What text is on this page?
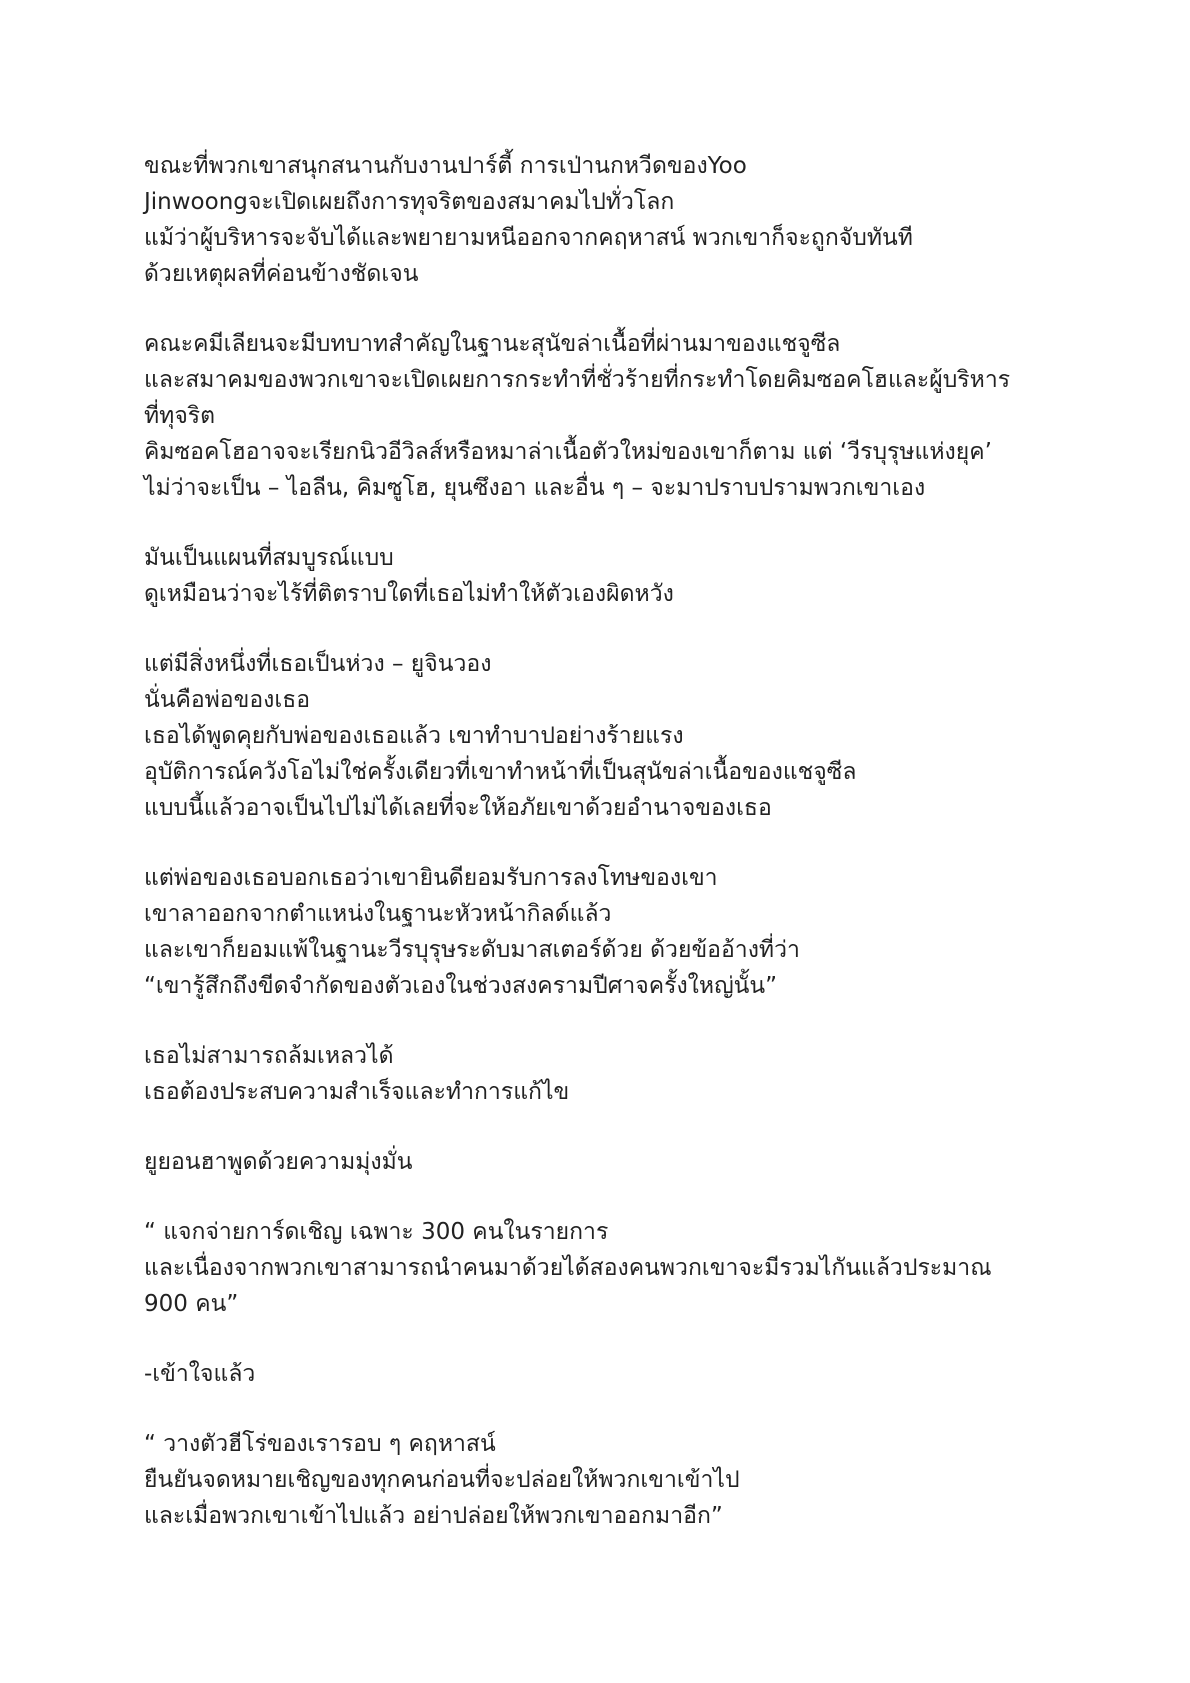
ขณะที่พวกเขาสนุกสนานกับงานปาร์ตี้ การเป่านกหวีดของYoo
Jinwoongจะเปิดเผยถึงการทุจริตของสมาคมไปทั่วโลก
แม้ว่าผู้บริหารจะจับได้และพยายามหนีออกจากคฤหาสน์ พวกเขาก็จะถูกจับทันที
ด้วยเหตุผลที่ค่อนข้างชัดเจน
คณะคมีเลียนจะมีบทบาทสำคัญในฐานะสุนัขล่าเนื้อที่ผ่านมาของแชจูซีล
และสมาคมของพวกเขาจะเปิดเผยการกระทำที่ชั่วร้ายที่กระทำโดยคิมซอคโฮและผู้บริหาร
ที่ทุจริต
คิมซอคโฮอาจจะเรียกนิวอีวิลส์หรือหมาล่าเนื้อตัวใหม่ของเขาก็ตาม แต่ ‘วีรบุรุษแห่งยุค’
ไม่ว่าจะเป็น – ไอลีน, คิมซูโฮ, ยุนซึงอา และอื่น ๆ – จะมาปราบปรามพวกเขาเอง
มันเป็นแผนที่สมบูรณ์แบบ
ดูเหมือนว่าจะไร้ที่ติตราบใดที่เธอไม่ทำให้ตัวเองผิดหวัง
แต่มีสิ่งหนึ่งที่เธอเป็นห่วง – ยูจินวอง
นั่นคือพ่อของเธอ
เธอได้พูดคุยกับพ่อของเธอแล้ว เขาทำบาปอย่างร้ายแรง
อุบัติการณ์ควังโอไม่ใช่ครั้งเดียวที่เขาทำหน้าที่เป็นสุนัขล่าเนื้อของแชจูซีล
แบบนี้แล้วอาจเป็นไปไม่ได้เลยที่จะให้อภัยเขาด้วยอำนาจของเธอ
แต่พ่อของเธอบอกเธอว่าเขายินดียอมรับการลงโทษของเขา
เขาลาออกจากตำแหน่งในฐานะหัวหน้ากิลด์แล้ว
และเขาก็ยอมแพ้ในฐานะวีรบุรุษระดับมาสเตอร์ด้วย ด้วยข้ออ้างที่ว่า
“เขารู้สึกถึงขีดจำกัดของตัวเองในช่วงสงครามปีศาจครั้งใหญ่นั้น”
เธอไม่สามารถล้มเหลวได้
เธอต้องประสบความสำเร็จและทำการแก้ไข
ยูยอนฮาพูดด้วยความมุ่งมั่น
“ แจกจ่ายการ์ดเชิญ เฉพาะ 300 คนในรายการ
และเนื่องจากพวกเขาสามารถนำคนมาด้วยได้สองคนพวกเขาจะมีรวมไกันแล้วประมาณ
900 คน”
-เข้าใจแล้ว
“ วางตัวฮีโร่ของเรารอบ ๆ คฤหาสน์
ยืนยันจดหมายเชิญของทุกคนก่อนที่จะปล่อยให้พวกเขาเข้าไป
และเมื่อพวกเขาเข้าไปแล้ว อย่าปล่อยให้พวกเขาออกมาอีก”
